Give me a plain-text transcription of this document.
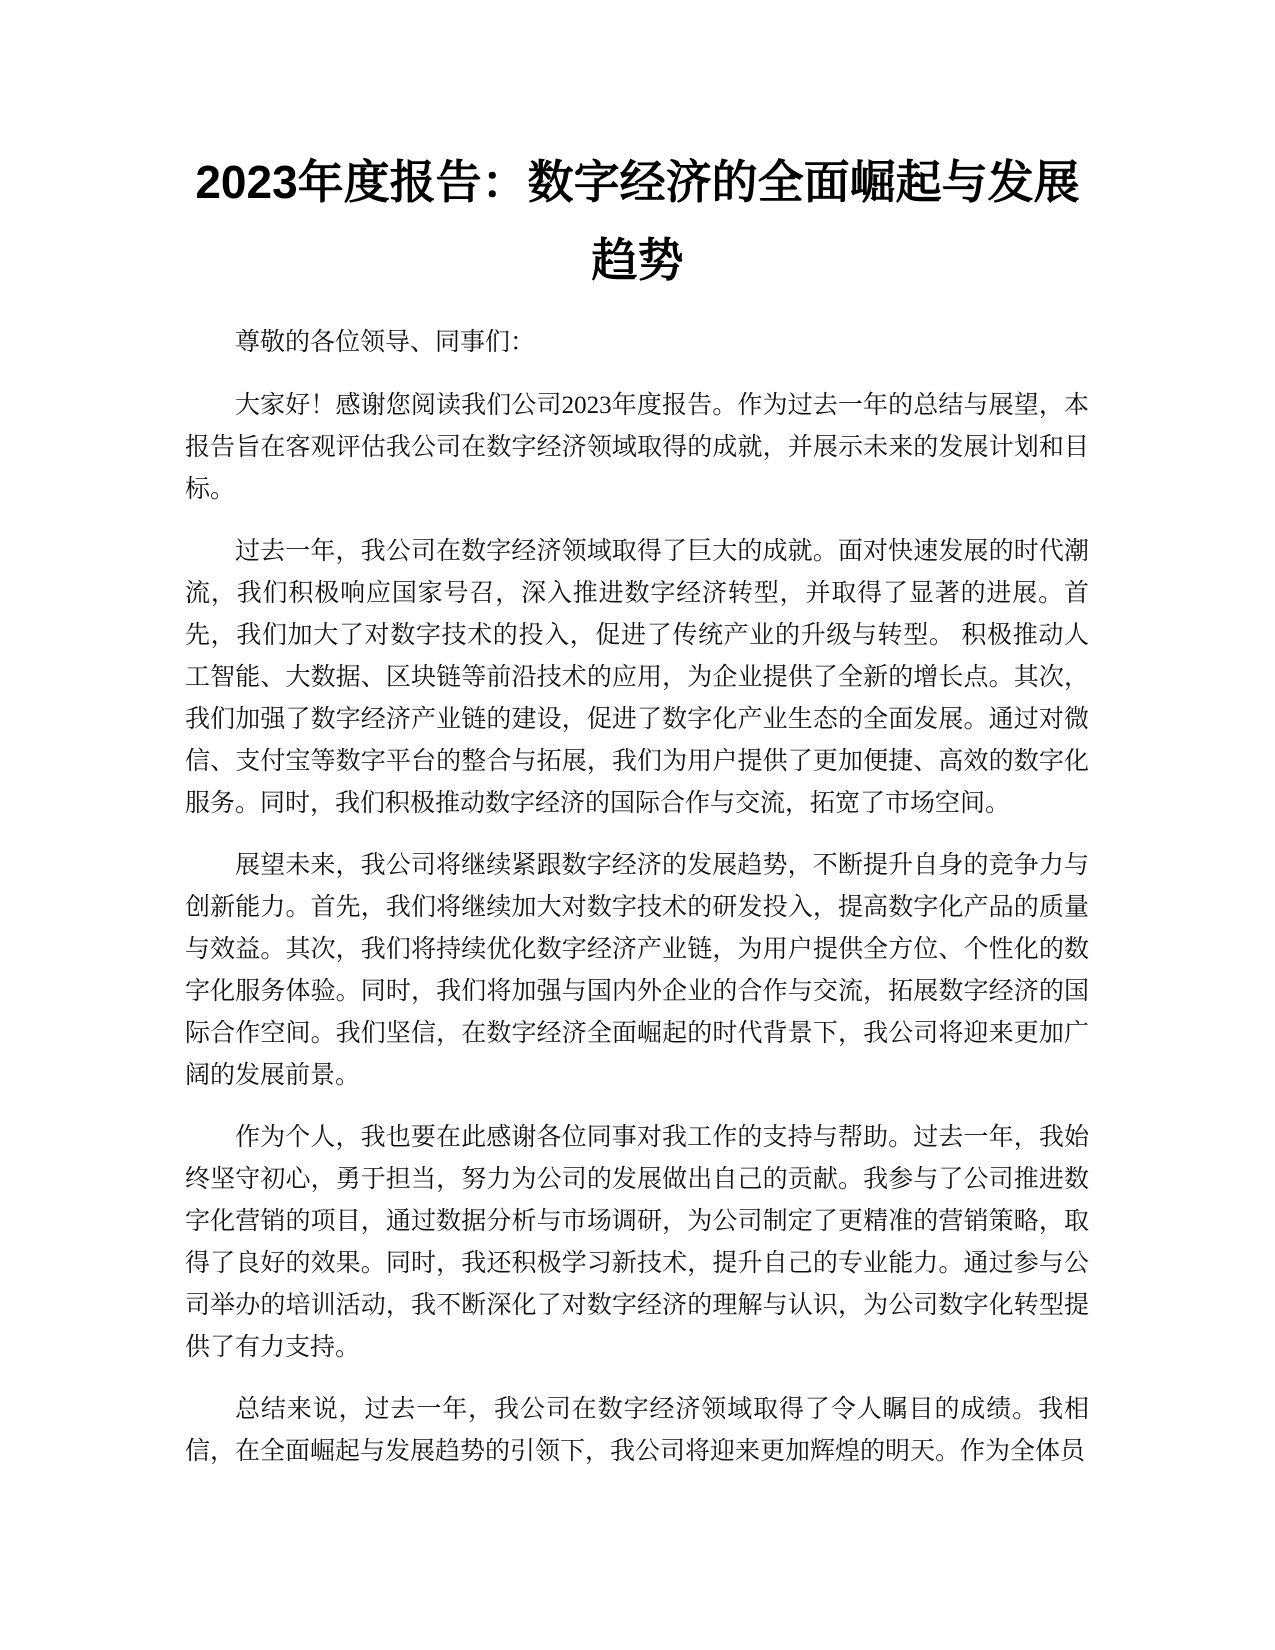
2023年度报告：数字经济的全面崛起与发展趋势

尊敬的各位领导、同事们：

大家好！感谢您阅读我们公司2023年度报告。作为过去一年的总结与展望，本报告旨在客观评估我公司在数字经济领域取得的成就，并展示未来的发展计划和目标。

过去一年，我公司在数字经济领域取得了巨大的成就。面对快速发展的时代潮流，我们积极响应国家号召，深入推进数字经济转型，并取得了显著的进展。首先，我们加大了对数字技术的投入，促进了传统产业的升级与转型。 积极推动人工智能、大数据、区块链等前沿技术的应用，为企业提供了全新的增长点。其次，我们加强了数字经济产业链的建设，促进了数字化产业生态的全面发展。通过对微信、支付宝等数字平台的整合与拓展，我们为用户提供了更加便捷、高效的数字化服务。同时，我们积极推动数字经济的国际合作与交流，拓宽了市场空间。

展望未来，我公司将继续紧跟数字经济的发展趋势，不断提升自身的竞争力与创新能力。首先，我们将继续加大对数字技术的研发投入，提高数字化产品的质量与效益。其次，我们将持续优化数字经济产业链，为用户提供全方位、个性化的数字化服务体验。同时，我们将加强与国内外企业的合作与交流，拓展数字经济的国际合作空间。我们坚信，在数字经济全面崛起的时代背景下，我公司将迎来更加广阔的发展前景。

作为个人，我也要在此感谢各位同事对我工作的支持与帮助。过去一年，我始终坚守初心，勇于担当，努力为公司的发展做出自己的贡献。我参与了公司推进数字化营销的项目，通过数据分析与市场调研，为公司制定了更精准的营销策略，取得了良好的效果。同时，我还积极学习新技术，提升自己的专业能力。通过参与公司举办的培训活动，我不断深化了对数字经济的理解与认识，为公司数字化转型提供了有力支持。

总结来说，过去一年，我公司在数字经济领域取得了令人瞩目的成绩。我相信，在全面崛起与发展趋势的引领下，我公司将迎来更加辉煌的明天。作为全体员
